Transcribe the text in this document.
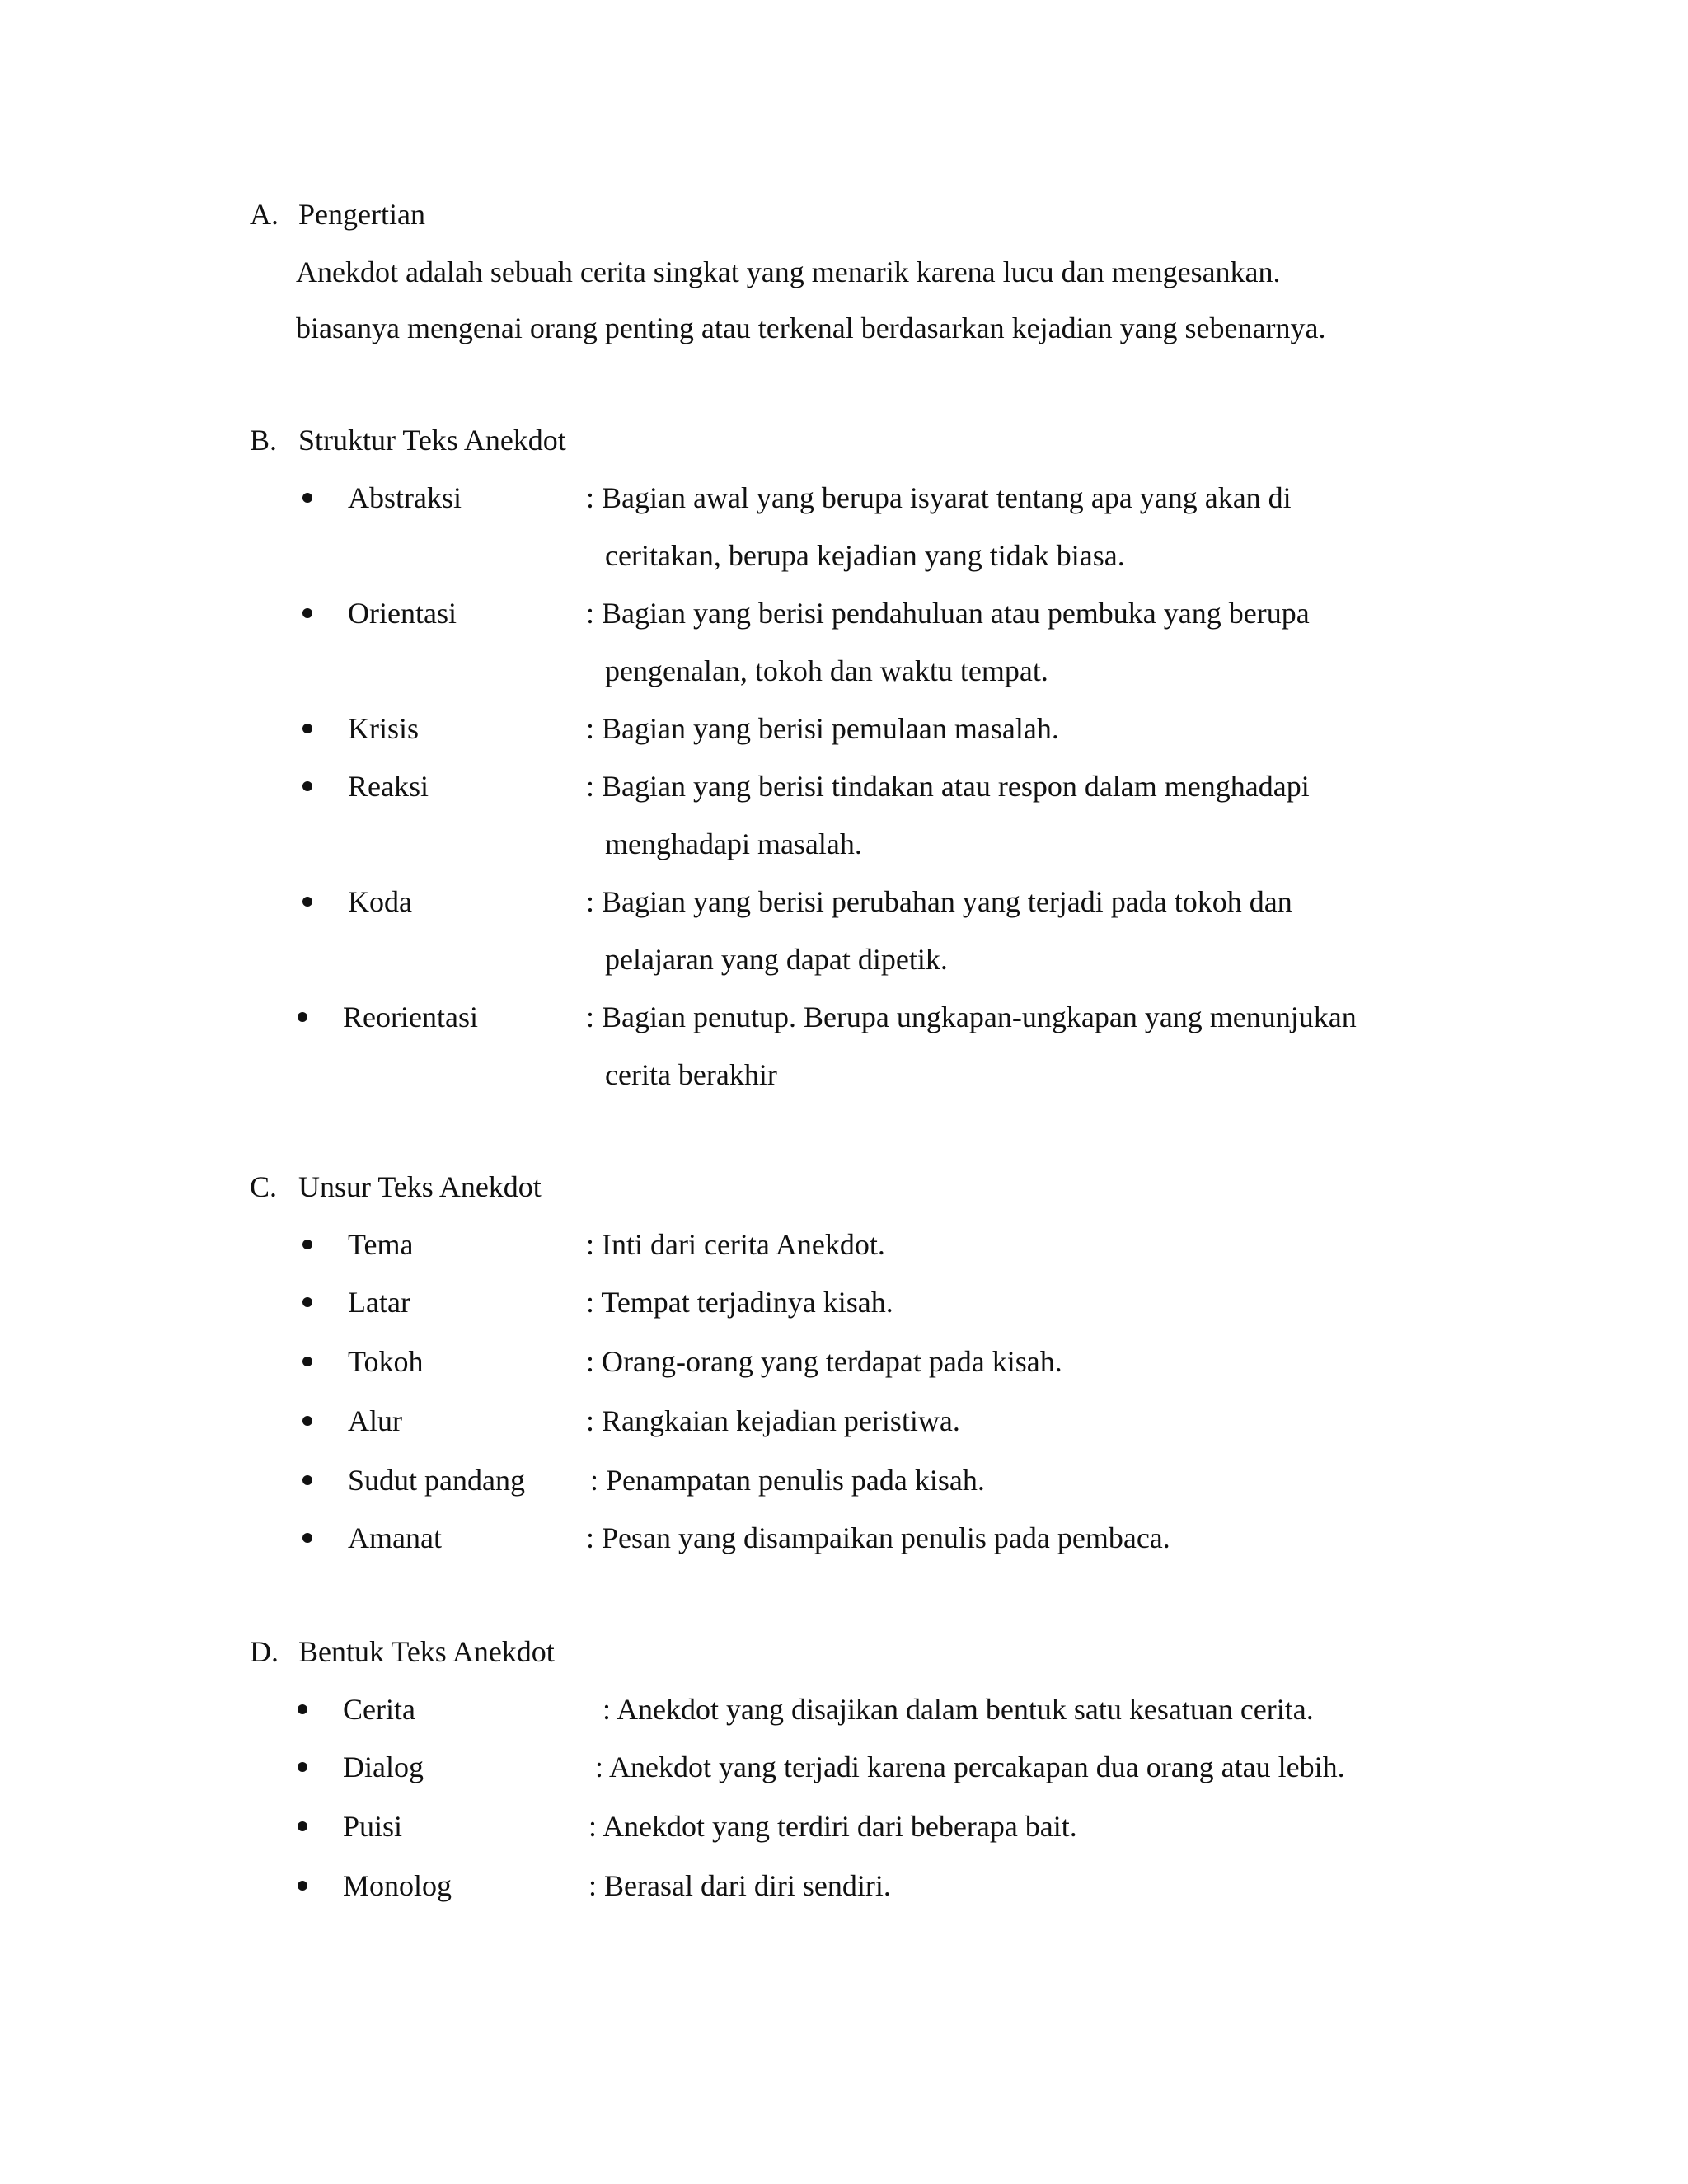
A. Pengertian
Anekdot adalah sebuah cerita singkat yang menarik karena lucu dan mengesankan.
biasanya mengenai orang penting atau terkenal berdasarkan kejadian yang sebenarnya.
B. Struktur Teks Anekdot
Abstraksi	: Bagian awal yang berupa isyarat tentang apa yang akan di
ceritakan, berupa kejadian yang tidak biasa.
Orientasi	: Bagian yang berisi pendahuluan atau pembuka yang berupa
pengenalan, tokoh dan waktu tempat.
Krisis	: Bagian yang berisi pemulaan masalah.
Reaksi	: Bagian yang berisi tindakan atau respon dalam menghadapi
menghadapi masalah.
Koda	: Bagian yang berisi perubahan yang terjadi pada tokoh dan
pelajaran yang dapat dipetik.
Reorientasi	: Bagian penutup. Berupa ungkapan-ungkapan yang menunjukan
cerita berakhir
C. Unsur Teks Anekdot
Tema	: Inti dari cerita Anekdot.
Latar	: Tempat terjadinya kisah.
Tokoh	: Orang-orang yang terdapat pada kisah.
Alur	: Rangkaian kejadian peristiwa.
Sudut pandang : Penampatan penulis pada kisah.
Amanat	: Pesan yang disampaikan penulis pada pembaca.
D. Bentuk Teks Anekdot
Cerita	: Anekdot yang disajikan dalam bentuk satu kesatuan cerita.
Dialog	: Anekdot yang terjadi karena percakapan dua orang atau lebih.
Puisi	: Anekdot yang terdiri dari beberapa bait.
Monolog	: Berasal dari diri sendiri.
